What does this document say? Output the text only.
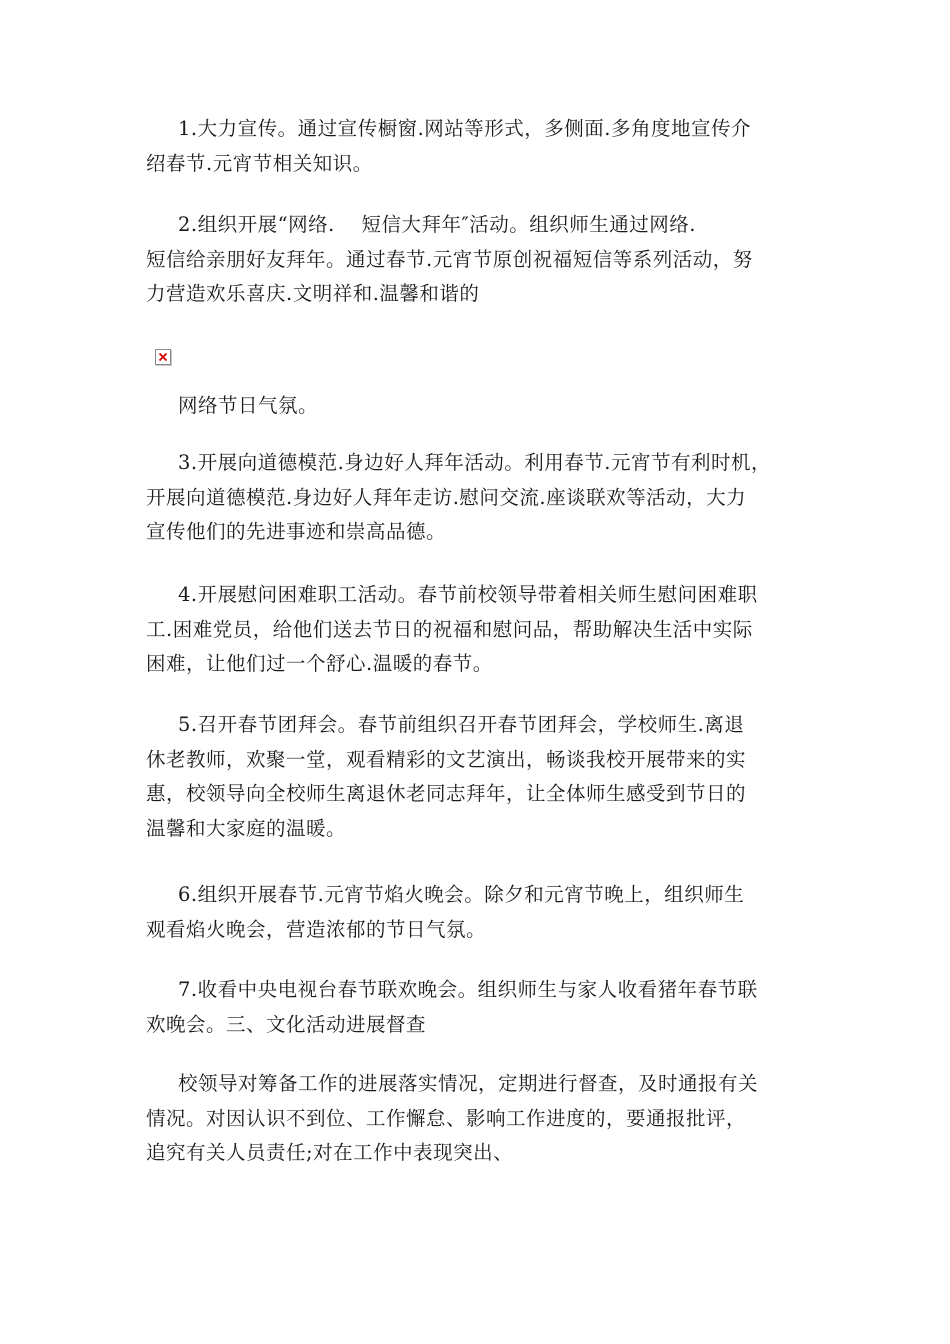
1.大力宣传。通过宣传橱窗.网站等形式，多侧面.多角度地宣传介
绍春节.元宵节相关知识。

2.组织开展“网络.　 短信大拜年″活动。组织师生通过网络.
短信给亲朋好友拜年。通过春节.元宵节原创祝福短信等系列活动，努
力营造欢乐喜庆.文明祥和.温馨和谐的

网络节日气氛。

3.开展向道德模范.身边好人拜年活动。利用春节.元宵节有利时机，
开展向道德模范.身边好人拜年走访.慰问交流.座谈联欢等活动，大力
宣传他们的先进事迹和崇高品德。

4.开展慰问困难职工活动。春节前校领导带着相关师生慰问困难职
工.困难党员，给他们送去节日的祝福和慰问品，帮助解决生活中实际
困难，让他们过一个舒心.温暖的春节。

5.召开春节团拜会。春节前组织召开春节团拜会，学校师生.离退
休老教师，欢聚一堂，观看精彩的文艺演出，畅谈我校开展带来的实
惠，校领导向全校师生离退休老同志拜年，让全体师生感受到节日的
温馨和大家庭的温暖。

6.组织开展春节.元宵节焰火晚会。除夕和元宵节晚上，组织师生
观看焰火晚会，营造浓郁的节日气氛。

7.收看中央电视台春节联欢晚会。组织师生与家人收看猪年春节联
欢晚会。三、文化活动进展督查

校领导对筹备工作的进展落实情况，定期进行督查，及时通报有关
情况。对因认识不到位、工作懈怠、影响工作进度的，要通报批评，
追究有关人员责任;对在工作中表现突出、
